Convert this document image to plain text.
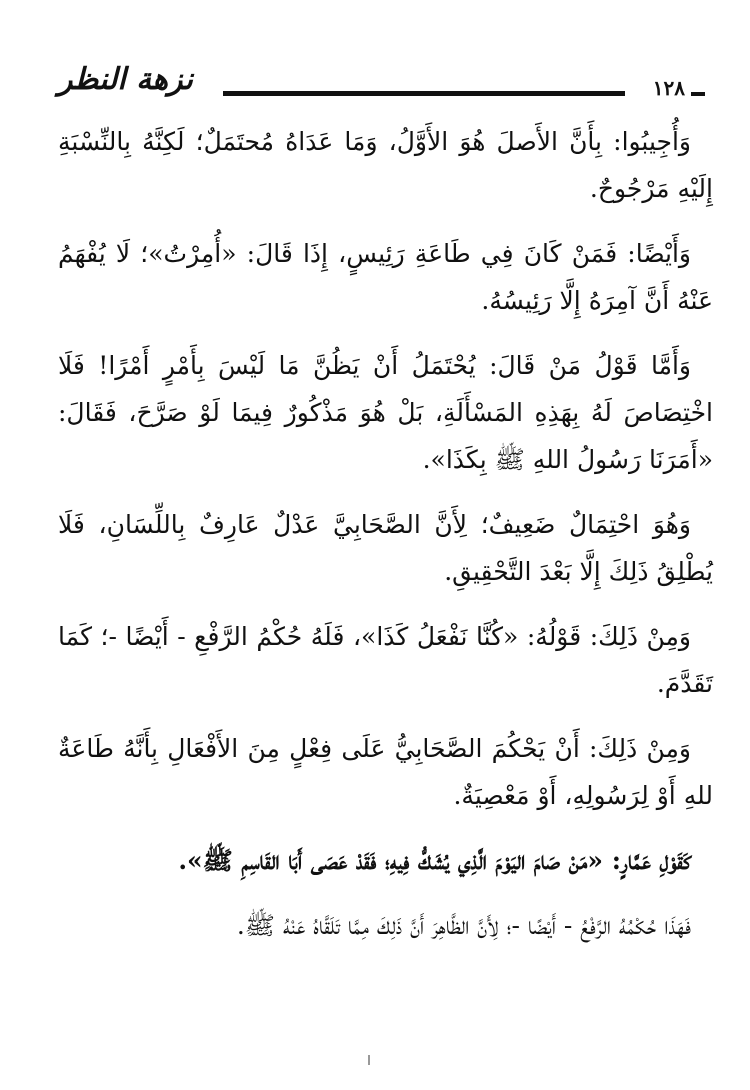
١٢٨
نزهة النظر

وَأُجِيبُوا: بِأَنَّ الأَصلَ هُوَ الأَوَّلُ، وَمَا عَدَاهُ مُحتَمَلٌ؛ لَكِنَّهُ بِالنِّسْبَةِ إِلَيْهِ مَرْجُوحٌ.

وَأَيْضًا: فَمَنْ كَانَ فِي طَاعَةِ رَئِيسٍ، إِذَا قَالَ: «أُمِرْتُ»؛ لَا يُفْهَمُ عَنْهُ أَنَّ آمِرَهُ إِلَّا رَئِيسُهُ.

وَأَمَّا قَوْلُ مَنْ قَالَ: يُحْتَمَلُ أَنْ يَظُنَّ مَا لَيْسَ بِأَمْرٍ أَمْرًا! فَلَا اخْتِصَاصَ لَهُ بِهَذِهِ المَسْأَلَةِ، بَلْ هُوَ مَذْكُورٌ فِيمَا لَوْ صَرَّحَ، فَقَالَ: «أَمَرَنَا رَسُولُ اللهِ ﷺ بِكَذَا».

وَهُوَ احْتِمَالٌ ضَعِيفٌ؛ لِأَنَّ الصَّحَابِيَّ عَدْلٌ عَارِفٌ بِاللِّسَانِ، فَلَا يُطْلِقُ ذَلِكَ إِلَّا بَعْدَ التَّحْقِيقِ.

وَمِنْ ذَلِكَ: قَوْلُهُ: «كُنَّا نَفْعَلُ كَذَا»، فَلَهُ حُكْمُ الرَّفْعِ - أَيْضًا -؛ كَمَا تَقَدَّمَ.

وَمِنْ ذَلِكَ: أَنْ يَحْكُمَ الصَّحَابِيُّ عَلَى فِعْلٍ مِنَ الأَفْعَالِ بِأَنَّهُ طَاعَةٌ للهِ أَوْ لِرَسُولِهِ، أَوْ مَعْصِيَةٌ.

كَقَوْلِ عَمَّارٍ: «مَنْ صَامَ اليَوْمَ الَّذِي يُشَكُّ فِيهِ؛ فَقَدْ عَصَى أَبَا القَاسِمِ ﷺ».

فَهَذَا حُكْمُهُ الرَّفْعُ - أَيْضًا -؛ لِأَنَّ الظَّاهِرَ أَنَّ ذَلِكَ مِمَّا تَلَقَّاهُ عَنْهُ ﷺ.
